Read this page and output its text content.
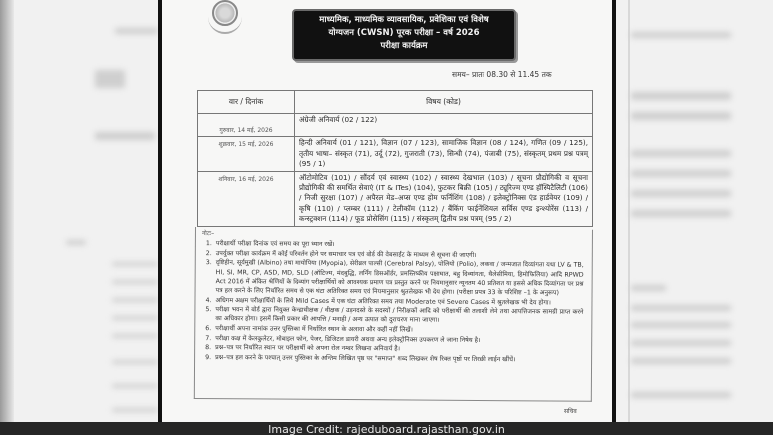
माध्यमिक, माध्यमिक व्यावसायिक, प्रवेशिका एवं विशेष
योग्यजन (CWSN) पूरक परीक्षा – वर्ष 2026
परीक्षा कार्यक्रम
समय– प्रातः 08.30 से 11.45 तक
वार / दिनांक	विषय (कोड)
गुरुवार, 14 मई, 2026	अंग्रेजी अनिवार्य (02 / 122)
शुक्रवार, 15 मई, 2026	हिन्दी अनिवार्य (01 / 121), विज्ञान (07 / 123), सामाजिक विज्ञान (08 / 124), गणित (09 / 125), तृतीय भाषा– संस्कृत (71), उर्दू (72), गुजराती (73), सिन्धी (74), पंजाबी (75), संस्कृतम् प्रथम प्रश्न पत्रम् (95 / 1)
शनिवार, 16 मई, 2026	ऑटोमोटिव (101) / सौंदर्य एवं स्वास्थ्य (102) / स्वास्थ्य देखभाल (103) / सूचना प्रौद्योगिकी व सूचना प्रौद्योगिकी की समर्थित सेवाएं (IT & ITes) (104), फुटकर बिक्री (105) / ट्यूरिज्म एण्ड हॉस्पिटैलिटी (106) / निजी सुरक्षा (107) / अपैरल मेड–अप्स एण्ड होम फर्निशिंग (108) / इलेक्ट्रोनिक्स एंड हार्डवेयर (109) / कृषि (110) / प्लम्बर (111) / टेलीकॉम (112) / बैंकिंग फाईनेंशियल सर्विस एण्ड इन्श्योरेंस (113) / कन्स्ट्रक्शन (114) / फूड प्रोसेसिंग (115) / संस्कृतम् द्वितीय प्रश्न पत्रम् (95 / 2)
नोटः–
1. परीक्षार्थी परीक्षा दिनांक एवं समय का पूरा ध्यान रखें।
2. उपर्युक्त परीक्षा कार्यक्रम में कोई परिवर्तन होने पर समाचार पत्र एवं बोर्ड की वेबसाईट के माध्यम से सूचना दी जाएगी।
3. दृष्टिहीन, सूर्यमुखी (Albino) तथा मायोपिया (Myopia), सेरीब्रल पाल्सी (Cerebral Palsy), पोलियो (Polio), लकवा / जन्मजात दिव्यांगता यथा LV & TB, HI, SI, MR, CP, ASD, MD, SLD (ऑटिज्म, मंदबुद्धि, लर्निंग डिसऑर्डर, प्रमस्तिष्कीय पक्षाघात, बहु दिव्यांगता, थैलेसीमिया, हिमोफिलिया) आदि RPWD Act 2016 में अंकित श्रेणियों के दिव्यांग परीक्षार्थियों को आवश्यक प्रमाण पत्र प्रस्तुत करने पर नियमानुसार न्यूनतम 40 प्रतिशत या इससे अधिक दिव्यांगता पर प्रश्न पत्र हल करने के लिए निर्धारित समय से एक घंटा अतिरिक्त समय एवं नियमानुसार श्रुतलेखक भी देय होगा। (परीक्षा प्रपत्र 33 के परिशिष्ट –1 के अनुरूप)
4. अधिगम अक्षम परीक्षार्थियों के लिये Mild Cases में एक घंटा अतिरिक्त समय तथा Moderate एवं Severe Cases में श्रुतलेखक भी देय होगा।
5. परीक्षा भवन में बोर्ड द्वारा नियुक्त केन्द्राधीक्षक / वीक्षक / उड़नदस्ते के सदस्यों / निरीक्षकों आदि को परीक्षार्थी की तलाशी लेने तथा आपत्तिजनक सामग्री प्राप्त करने का अधिकार होगा। इसमें किसी प्रकार की आपत्ति / मनाही / अन्य उत्पात को दुराचरण माना जाएगा।
6. परीक्षार्थी अपना नामांक उत्तर पुस्तिका में निर्धारित स्थान के अलावा और कहीं नहीं लिखें।
7. परीक्षा कक्ष में केलकुलेटर, मोबाइल फोन, पेजर, डिजिटल डायरी अथवा अन्य इलेक्ट्रोनिक्स उपकरण ले जाना निषेध है।
8. प्रश्न–पत्र पर निर्धारित स्थान पर परीक्षार्थी को अपना रोल नम्बर लिखना अनिवार्य है।
9. प्रश्न–पत्र हल करने के पश्चात् उत्तर पुस्तिका के अन्तिम लिखित पृष्ठ पर "समाप्त" शब्द लिखकर शेष रिक्त पृष्ठों पर तिरछी लाईन खींचें।
सचिव
Image Credit: rajeduboard.rajasthan.gov.in
